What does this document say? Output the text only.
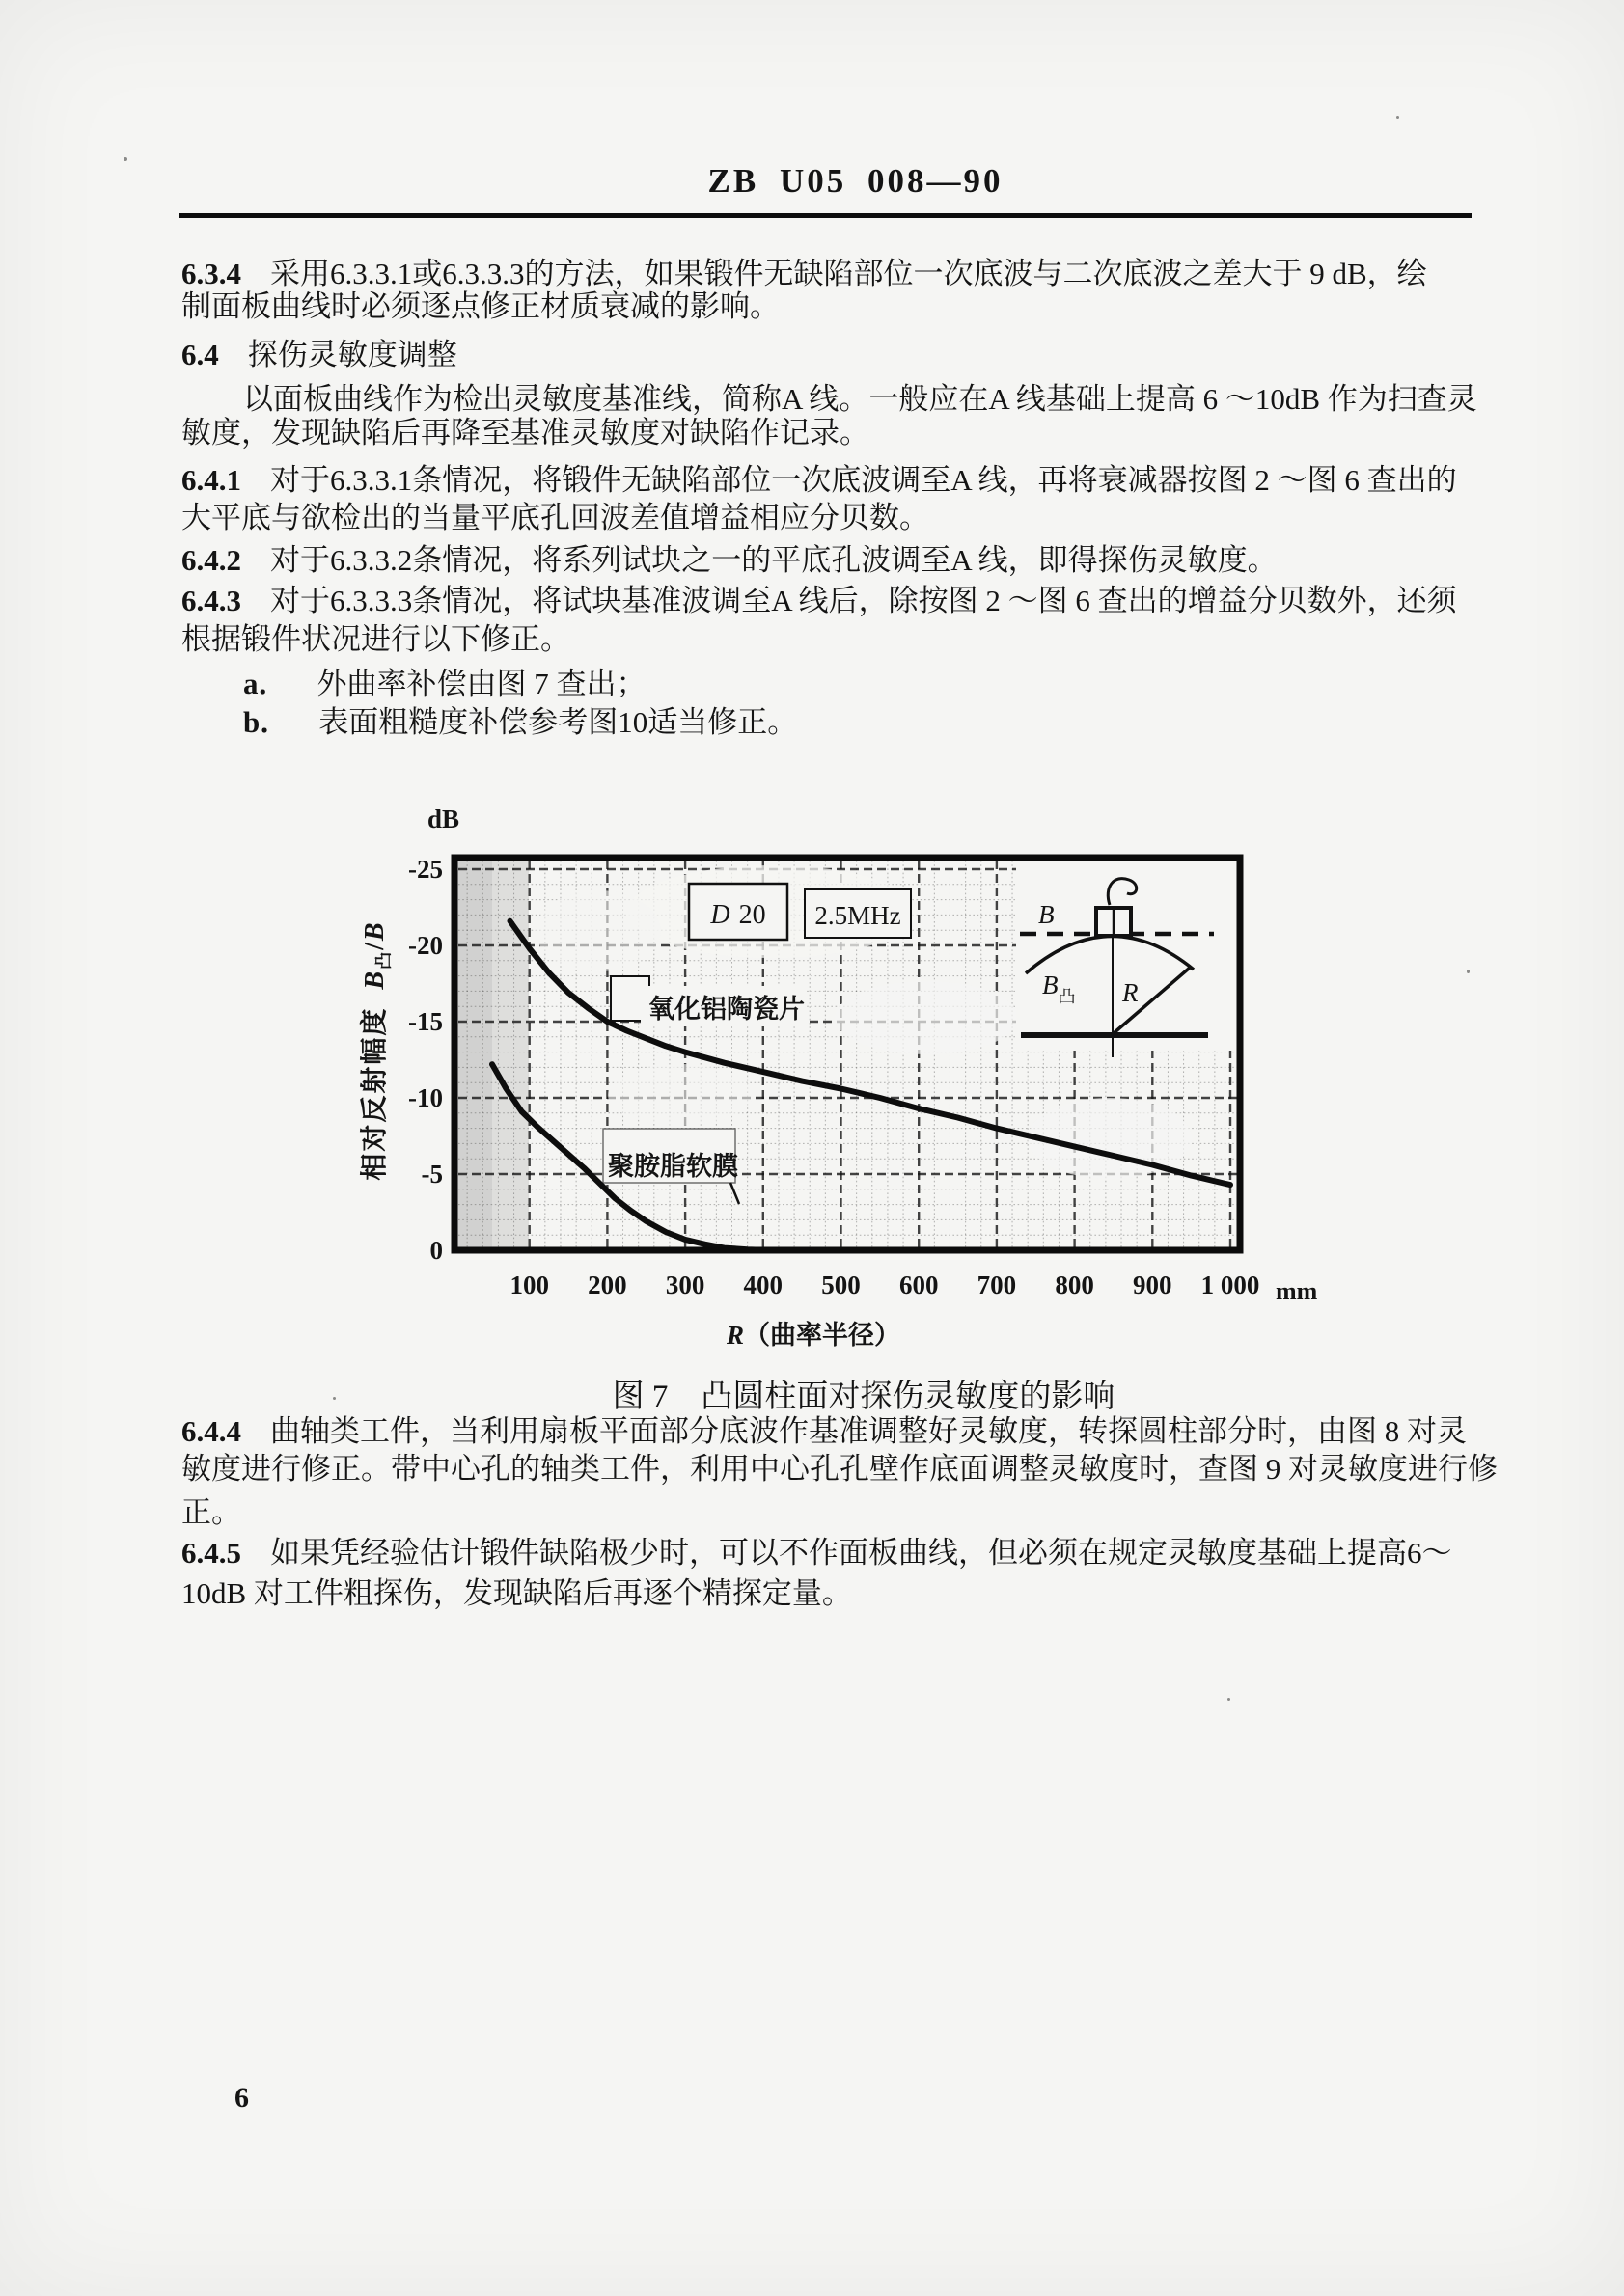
ZB U05 008—90
6.3.4 采用6.3.3.1或6.3.3.3的方法，如果锻件无缺陷部位一次底波与二次底波之差大于 9 dB，绘
制面板曲线时必须逐点修正材质衰减的影响。
6.4 探伤灵敏度调整
以面板曲线作为检出灵敏度基准线，简称A 线。一般应在A 线基础上提高 6 ～10dB 作为扫查灵
敏度，发现缺陷后再降至基准灵敏度对缺陷作记录。
6.4.1 对于6.3.3.1条情况，将锻件无缺陷部位一次底波调至A 线，再将衰减器按图 2 ～图 6 查出的
大平底与欲检出的当量平底孔回波差值增益相应分贝数。
6.4.2 对于6.3.3.2条情况，将系列试块之一的平底孔波调至A 线，即得探伤灵敏度。
6.4.3 对于6.3.3.3条情况，将试块基准波调至A 线后，除按图 2 ～图 6 查出的增益分贝数外，还须
根据锻件状况进行以下修正。
a． 外曲率补偿由图 7 查出；
b． 表面粗糙度补偿参考图10适当修正。
D 20 2.5MHz
氧化铝陶瓷片
聚胺脂软膜
B
$B_凸$ R
100 200 300 400 500 600 700 800 900 1 000
-25
-20
-15
-10
-5
0
dB
mm
相对反射幅度  $B_凸/B$
R（曲率半径）
图 7 凸圆柱面对探伤灵敏度的影响
6.4.4 曲轴类工件，当利用扇板平面部分底波作基准调整好灵敏度，转探圆柱部分时，由图 8 对灵
敏度进行修正。带中心孔的轴类工件，利用中心孔孔壁作底面调整灵敏度时，查图 9 对灵敏度进行修
正。
6.4.5 如果凭经验估计锻件缺陷极少时，可以不作面板曲线，但必须在规定灵敏度基础上提高6～
10dB 对工件粗探伤，发现缺陷后再逐个精探定量。
6
